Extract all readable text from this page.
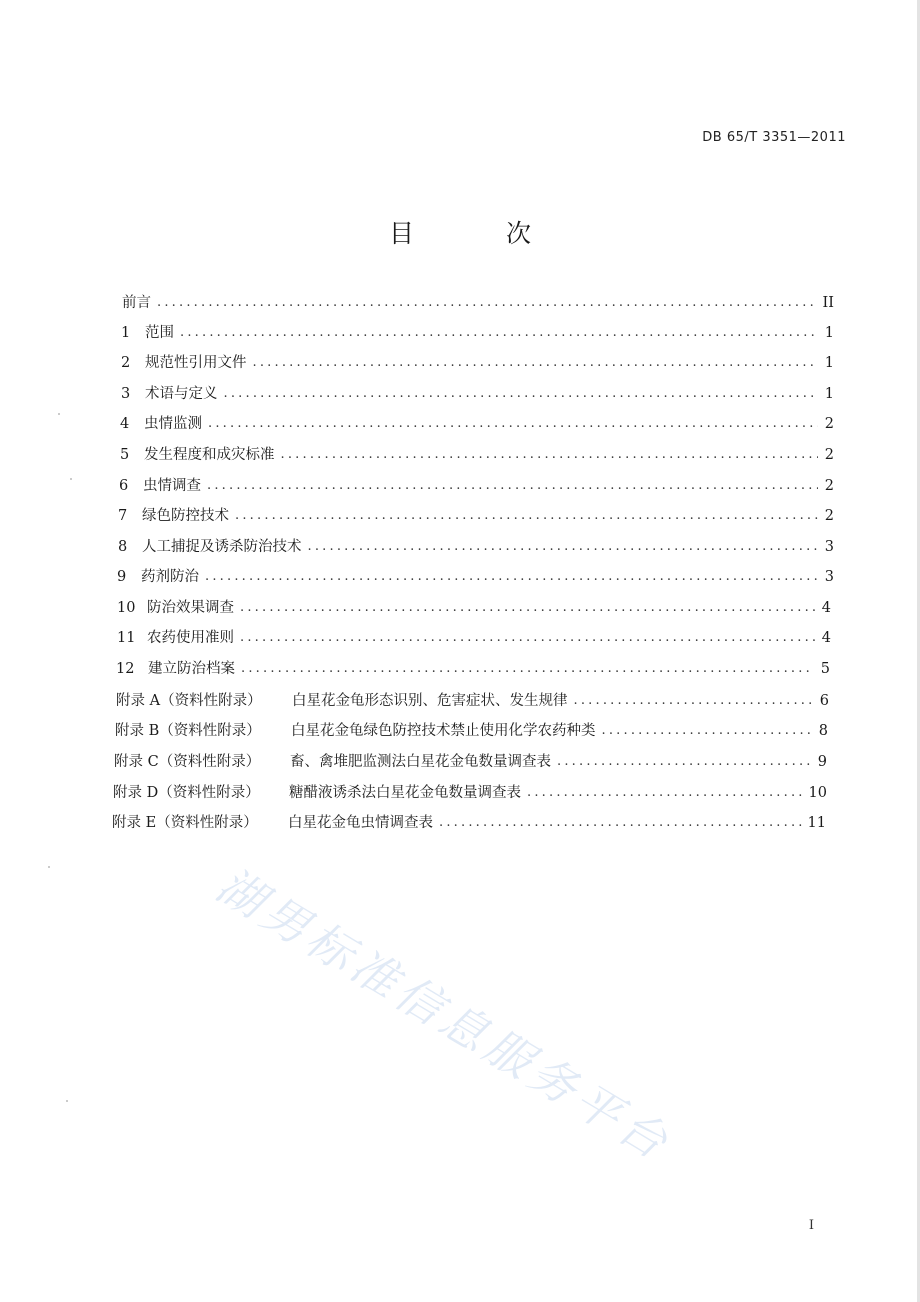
DB 65/T 3351—2011
目 次
前言 .....	II
1	范围 .....	1
2	规范性引用文件 .....	1
3	术语与定义 .....	1
4	虫情监测 .....	2
5	发生程度和成灾标准 .....	2
6	虫情调查 .....	2
7	绿色防控技术 .....	2
8	人工捕捉及诱杀防治技术 .....	3
9	药剂防治 .....	3
10 防治效果调查 .....	4
11 农药使用准则 .....	4
12 建立防治档案 .....	5
附录 A（资料性附录）	白星花金龟形态识别、危害症状、发生规律 .....	6
附录 B（资料性附录）	白星花金龟绿色防控技术禁止使用化学农药种类 .....	8
附录 C（资料性附录）	畜、禽堆肥监测法白星花金龟数量调查表 .....	9
附录 D（资料性附录）	糖醋液诱杀法白星花金龟数量调查表 .....	10
附录 E（资料性附录）	白星花金龟虫情调查表 .....	11
湖男标准信息服务平台
I
